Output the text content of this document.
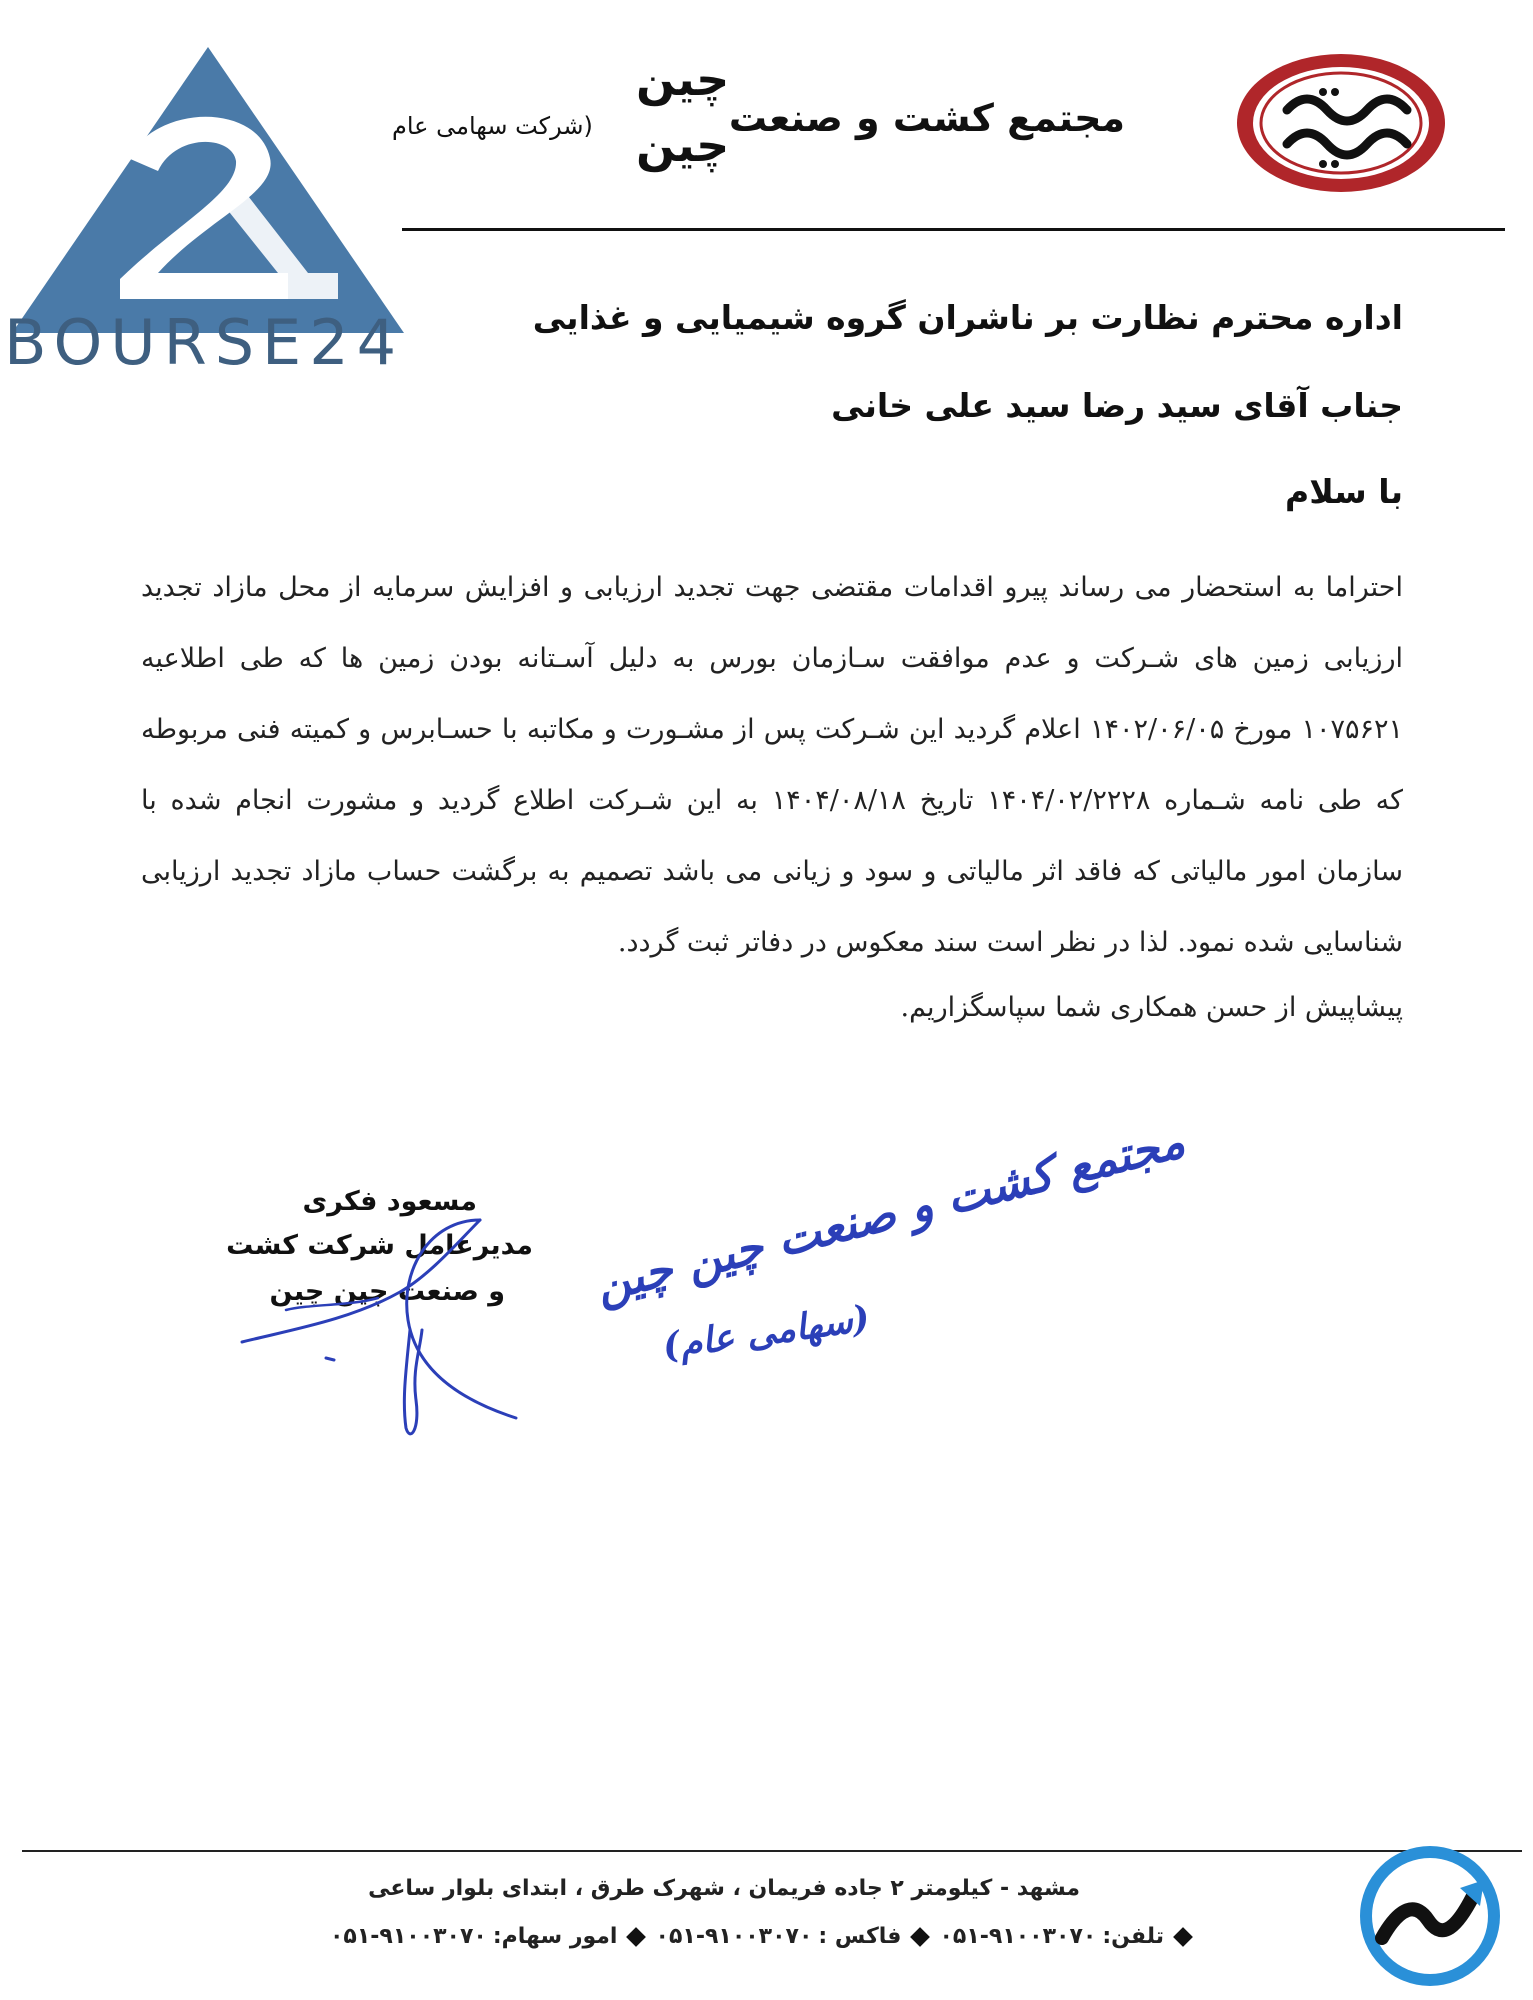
BOURSE24
مجتمع کشت و صنعت
چین
چین
(شرکت سهامی عام
اداره محترم نظارت بر ناشران گروه شیمیایی و غذایی
جناب آقای سید رضا سید علی خانی
با سلام
احتراما به استحضار می رساند پیرو اقدامات مقتضی جهت تجدید ارزیابی و افزایش سرمایه از محل مازاد تجدید ارزیابی زمین های شـرکت و عدم موافقت سـازمان بورس به دلیل آسـتانه بودن زمین ها که طی اطلاعیه ۱۰۷۵۶۲۱ مورخ ۱۴۰۲/۰۶/۰۵ اعلام گردید این شـرکت پس از مشـورت و مکاتبه با حسـابرس و کمیته فنی مربوطه که طی نامه شـماره ۱۴۰۴/۰۲/۲۲۲۸ تاریخ ۱۴۰۴/۰۸/۱۸ به این شـرکت اطلاع گردید و مشورت انجام شده با سازمان امور مالیاتی که فاقد اثر مالیاتی و سود و زیانی می باشد تصمیم به برگشت حساب مازاد تجدید ارزیابی شناسایی شده نمود. لذا در نظر است سند معکوس در دفاتر ثبت گردد.
پیشاپیش از حسن همکاری شما سپاسگزاریم.
مسعود فکری
مدیرعامل شرکت کشت
و صنعت چین چین مجتمع کشت و صنعت چین چین
(سهامی عام)
مشهد - کیلومتر ۲ جاده فریمان ، شهرک طرق ، ابتدای بلوار ساعی
تلفن:
۰۵۱-۹۱۰۰۳۰۷۰
فاکس :
۰۵۱-۹۱۰۰۳۰۷۰
امور سهام:
۰۵۱-۹۱۰۰۳۰۷۰
